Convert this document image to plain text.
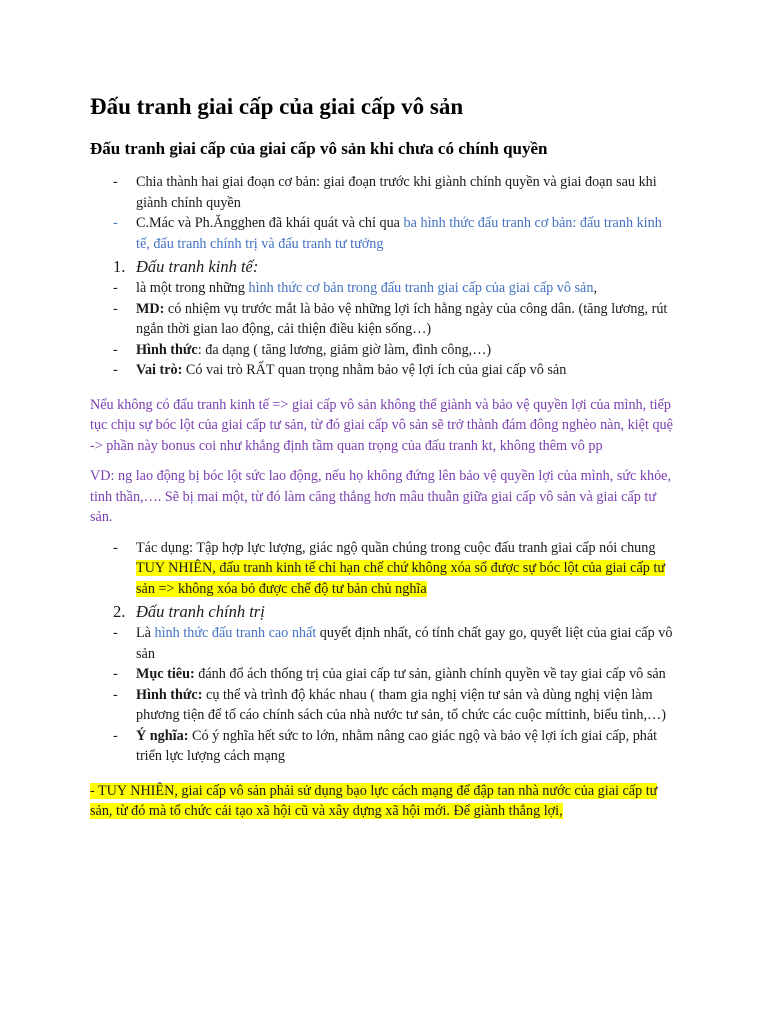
Đấu tranh giai cấp của giai cấp vô sản
Đấu tranh giai cấp của giai cấp vô sản khi chưa có chính quyền
- Chia thành hai giai đoạn cơ bản: giai đoạn trước khi giành chính quyền và giai đoạn sau khi giành chính quyền
- C.Mác và Ph.Ăngghen đã khái quát và chỉ qua ba hình thức đấu tranh cơ bản: đấu tranh kinh tế, đấu tranh chính trị và đấu tranh tư tưởng
1. Đấu tranh kinh tế:
- là một trong những hình thức cơ bản trong đấu tranh giai cấp của giai cấp vô sản,
- MD: có nhiệm vụ trước mắt là bảo vệ những lợi ích hằng ngày của công dân. (tăng lương, rút ngắn thời gian lao động, cải thiện điều kiện sống…)
- Hình thức: đa dạng ( tăng lương, giảm giờ làm, đình công,…)
- Vai trò: Có vai trò RẤT quan trọng nhằm bảo vệ lợi ích của giai cấp vô sản

Nếu không có đấu tranh kinh tế => giai cấp vô sản không thể giành và bảo vệ quyền lợi của mình, tiếp tục chịu sự bóc lột của giai cấp tư sản, từ đó giai cấp vô sản sẽ trở thành đám đông nghèo nàn, kiệt quệ -> phần này bonus coi như khẳng định tầm quan trọng của đấu tranh kt, không thêm vô pp

VD: ng lao động bị bóc lột sức lao động, nếu họ không đứng lên bảo vệ quyền lợi của mình, sức khỏe, tinh thần,…. Sẽ bị mai một, từ đó làm căng thẳng hơn mâu thuẫn giữa giai cấp vô sản và giai cấp tư sản.

- Tác dụng: Tập hợp lực lượng, giác ngộ quần chúng trong cuộc đấu tranh giai cấp nói chung
TUY NHIÊN, đấu tranh kinh tế chỉ hạn chế chứ không xóa sổ được sự bóc lột của giai cấp tư sản => không xóa bỏ được chế độ tư bản chủ nghĩa
2. Đấu tranh chính trị
- Là hình thức đấu tranh cao nhất quyết định nhất, có tính chất gay go, quyết liệt của giai cấp vô sản
- Mục tiêu: đánh đổ ách thống trị của giai cấp tư sản, giành chính quyền về tay giai cấp vô sản
- Hình thức: cụ thể và trình độ khác nhau ( tham gia nghị viện tư sản và dùng nghị viện làm phương tiện để tố cáo chính sách của nhà nước tư sản, tổ chức các cuộc míttinh, biểu tình,…)
- Ý nghĩa: Có ý nghĩa hết sức to lớn, nhằm nâng cao giác ngộ và bảo vệ lợi ích giai cấp, phát triển lực lượng cách mạng

- TUY NHIÊN, giai cấp vô sản phải sử dụng bạo lực cách mạng để đập tan nhà nước của giai cấp tư sản, từ đó mà tổ chức cải tạo xã hội cũ và xây dựng xã hội mới. Để giành thắng lợi,
